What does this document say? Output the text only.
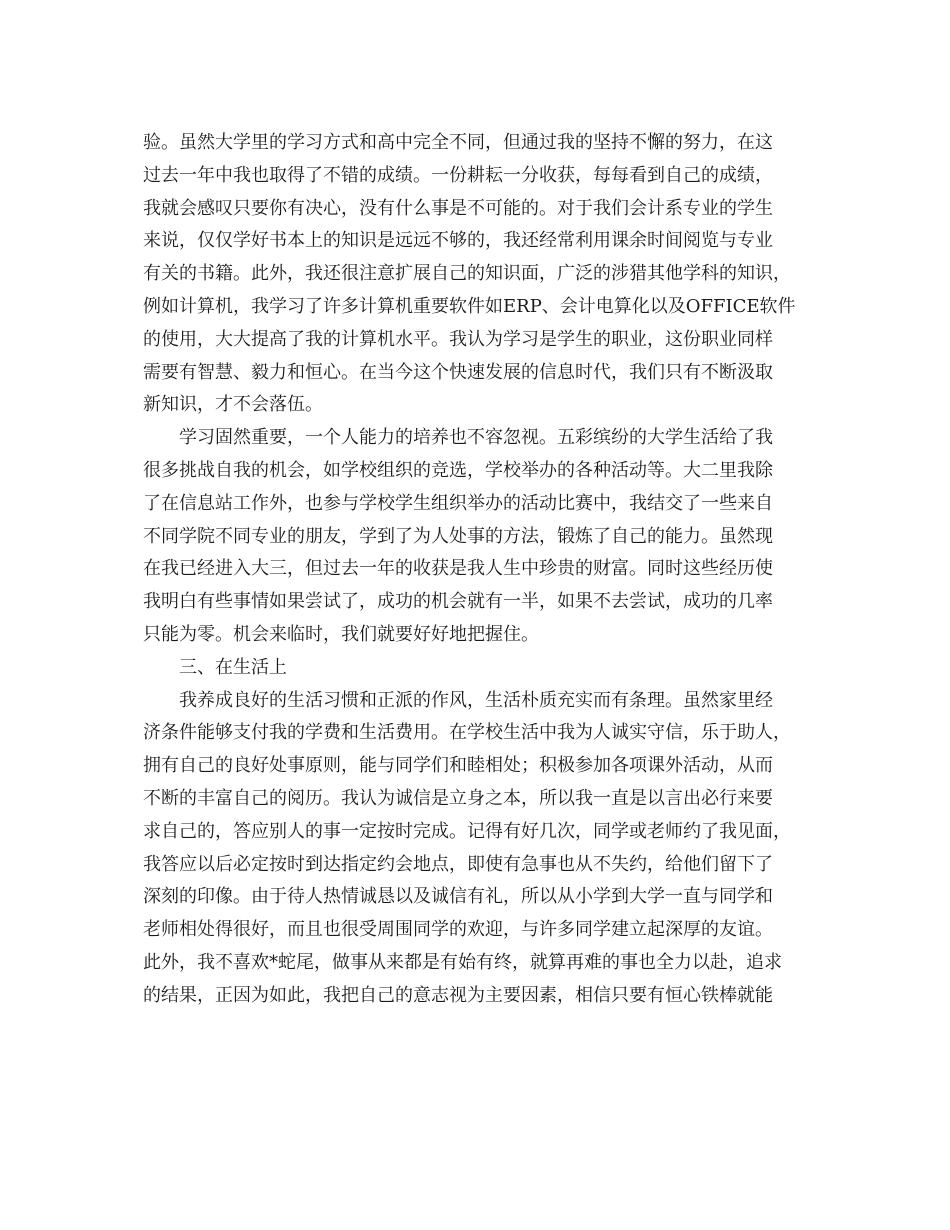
验。虽然大学里的学习方式和高中完全不同，但通过我的坚持不懈的努力，在这
过去一年中我也取得了不错的成绩。一份耕耘一分收获，每每看到自己的成绩，
我就会感叹只要你有决心，没有什么事是不可能的。对于我们会计系专业的学生
来说，仅仅学好书本上的知识是远远不够的，我还经常利用课余时间阅览与专业
有关的书籍。此外，我还很注意扩展自己的知识面，广泛的涉猎其他学科的知识，
例如计算机，我学习了许多计算机重要软件如ERP、会计电算化以及OFFICE软件
的使用，大大提高了我的计算机水平。我认为学习是学生的职业，这份职业同样
需要有智慧、毅力和恒心。在当今这个快速发展的信息时代，我们只有不断汲取
新知识，才不会落伍。
学习固然重要，一个人能力的培养也不容忽视。五彩缤纷的大学生活给了我
很多挑战自我的机会，如学校组织的竞选，学校举办的各种活动等。大二里我除
了在信息站工作外，也参与学校学生组织举办的活动比赛中，我结交了一些来自
不同学院不同专业的朋友，学到了为人处事的方法，锻炼了自己的能力。虽然现
在我已经进入大三，但过去一年的收获是我人生中珍贵的财富。同时这些经历使
我明白有些事情如果尝试了，成功的机会就有一半，如果不去尝试，成功的几率
只能为零。机会来临时，我们就要好好地把握住。
三、在生活上
我养成良好的生活习惯和正派的作风，生活朴质充实而有条理。虽然家里经
济条件能够支付我的学费和生活费用。在学校生活中我为人诚实守信，乐于助人，
拥有自己的良好处事原则，能与同学们和睦相处；积极参加各项课外活动，从而
不断的丰富自己的阅历。我认为诚信是立身之本，所以我一直是以言出必行来要
求自己的，答应别人的事一定按时完成。记得有好几次，同学或老师约了我见面，
我答应以后必定按时到达指定约会地点，即使有急事也从不失约，给他们留下了
深刻的印像。由于待人热情诚恳以及诚信有礼，所以从小学到大学一直与同学和
老师相处得很好，而且也很受周围同学的欢迎，与许多同学建立起深厚的友谊。
此外，我不喜欢*蛇尾，做事从来都是有始有终，就算再难的事也全力以赴，追求
的结果，正因为如此，我把自己的意志视为主要因素，相信只要有恒心铁棒就能
